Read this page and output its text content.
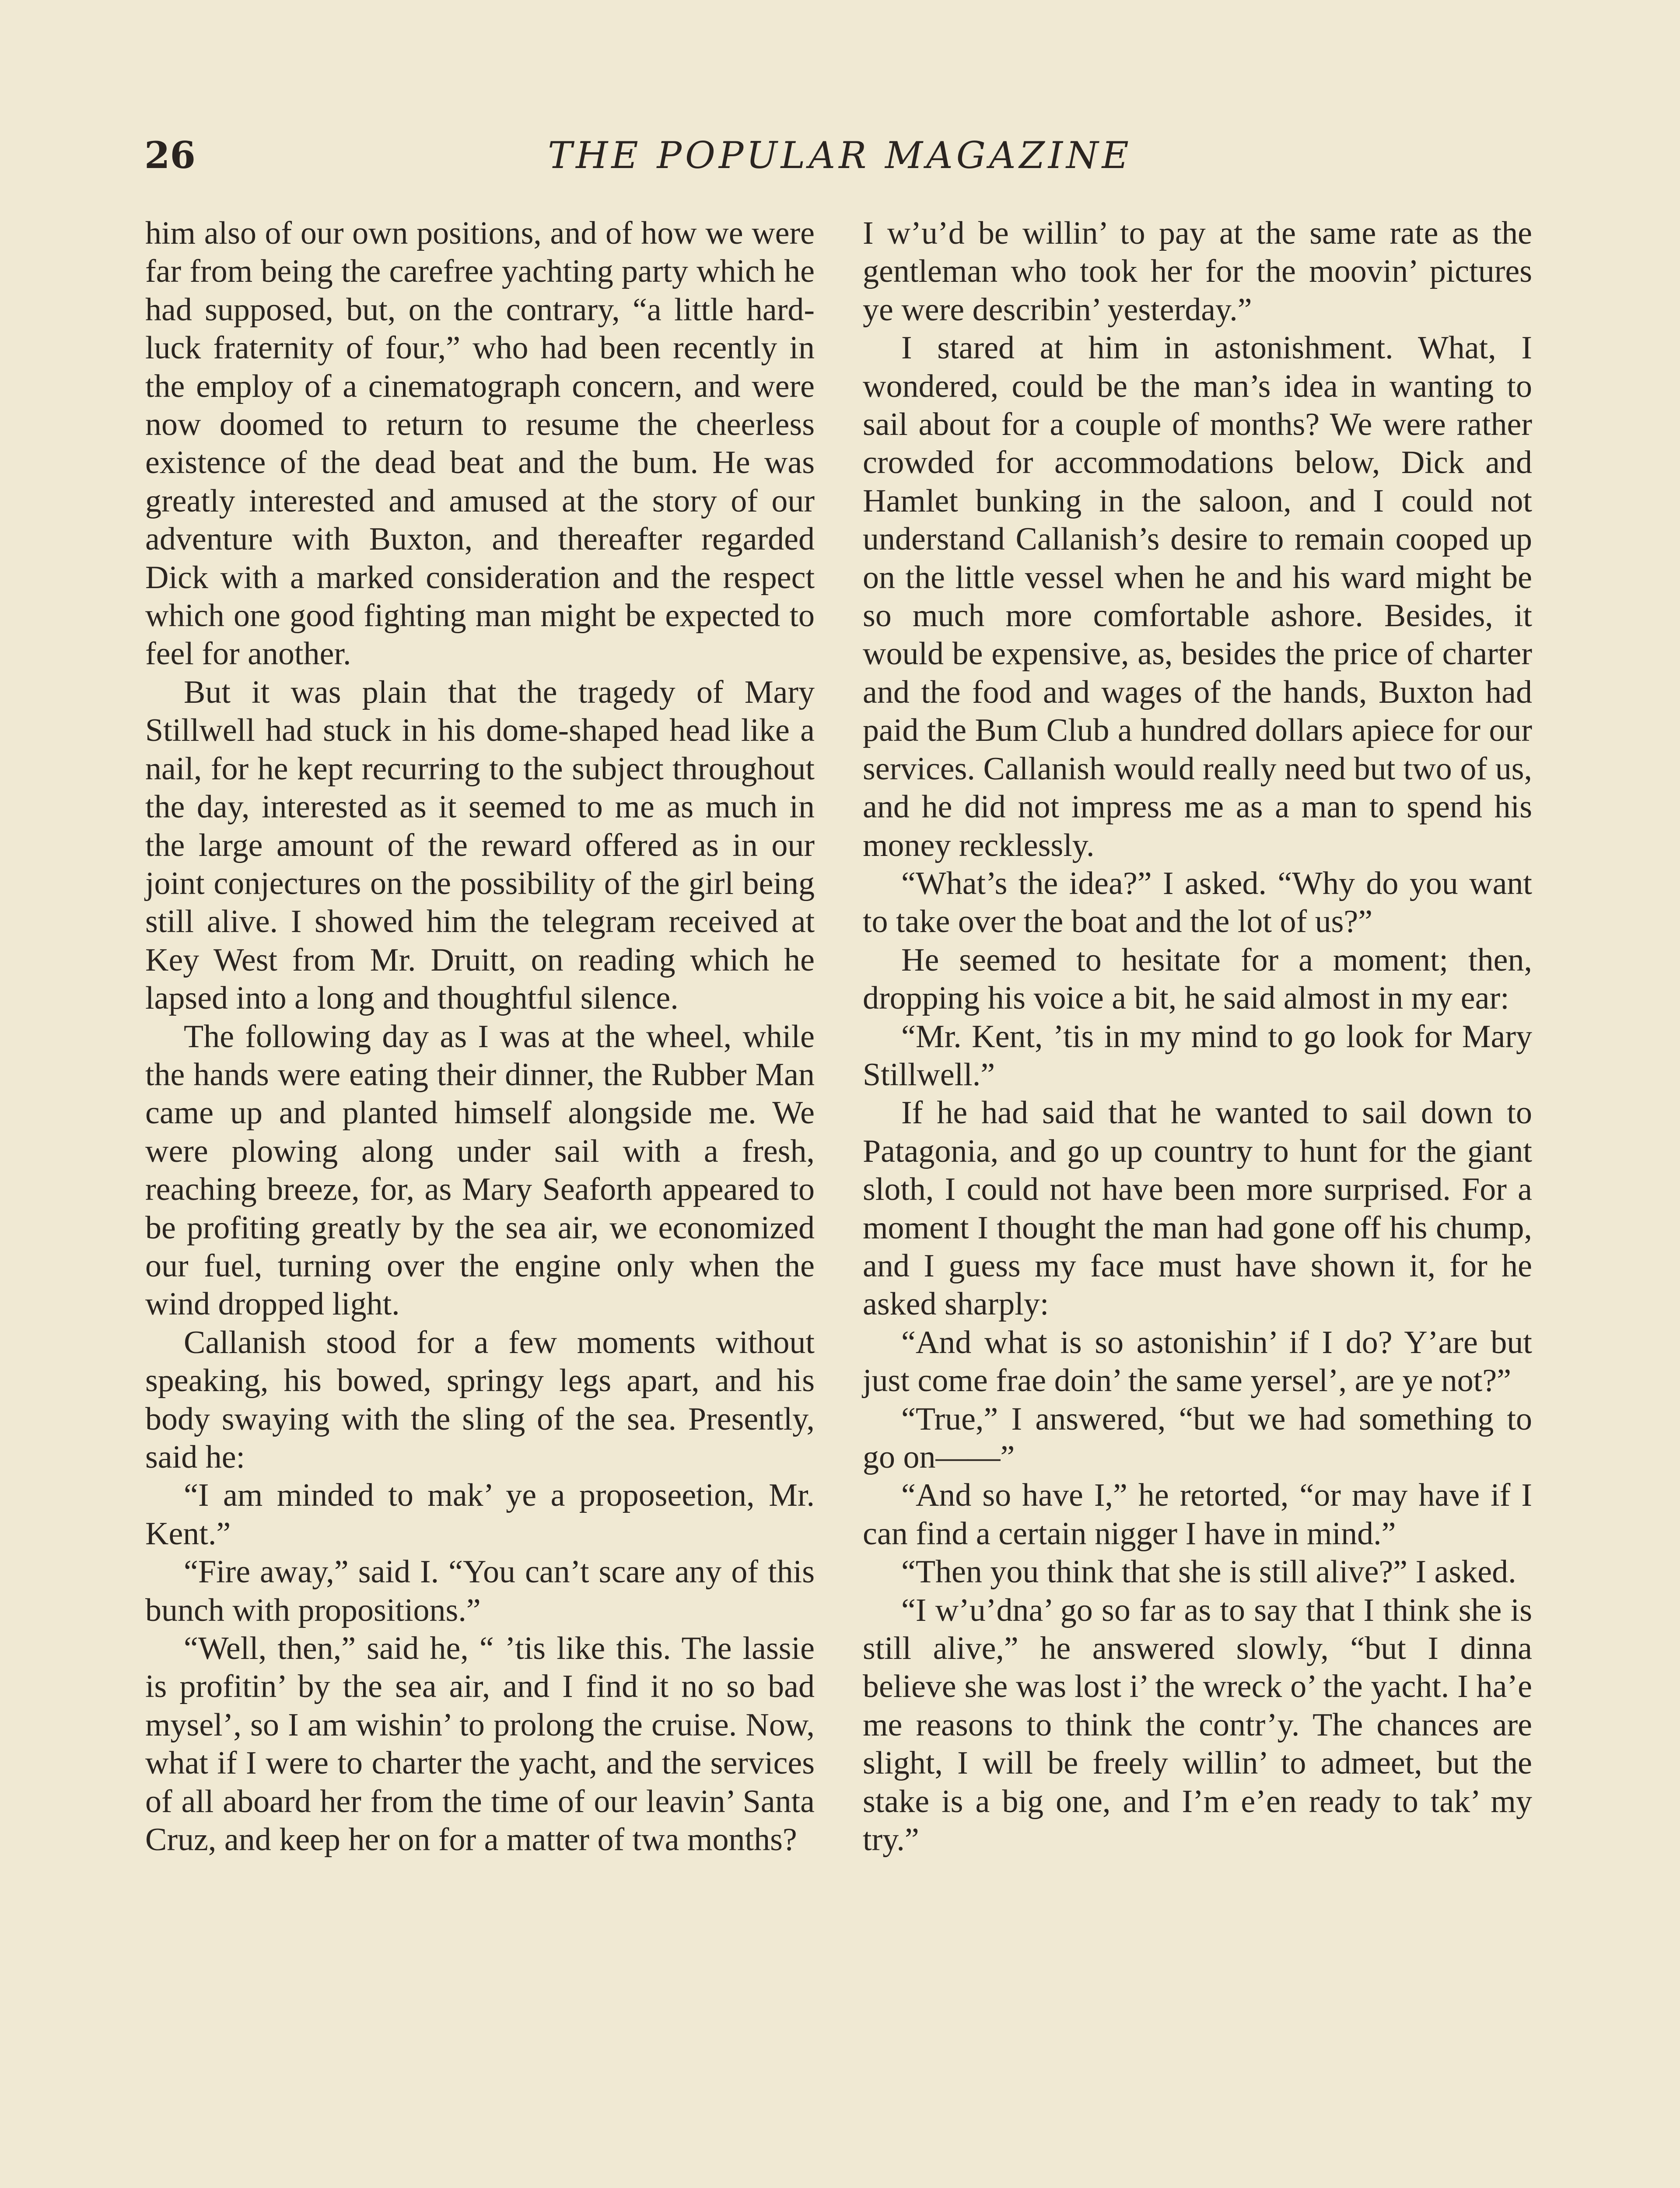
26	THE POPULAR MAGAZINE

him also of our own positions, and of how we were far from being the carefree yachting party which he had supposed, but, on the contrary, “a little hard-luck fraternity of four,” who had been recently in the employ of a cinematograph concern, and were now doomed to return to resume the cheerless existence of the dead beat and the bum. He was greatly interested and amused at the story of our adventure with Buxton, and thereafter regarded Dick with a marked consideration and the respect which one good fighting man might be expected to feel for another.

But it was plain that the tragedy of Mary Stillwell had stuck in his dome-shaped head like a nail, for he kept recurring to the subject throughout the day, interested as it seemed to me as much in the large amount of the reward offered as in our joint conjectures on the possibility of the girl being still alive. I showed him the telegram received at Key West from Mr. Druitt, on reading which he lapsed into a long and thoughtful silence.

The following day as I was at the wheel, while the hands were eating their dinner, the Rubber Man came up and planted himself alongside me. We were plowing along under sail with a fresh, reaching breeze, for, as Mary Seaforth appeared to be profiting greatly by the sea air, we economized our fuel, turning over the engine only when the wind dropped light.

Callanish stood for a few moments without speaking, his bowed, springy legs apart, and his body swaying with the sling of the sea. Presently, said he:

“I am minded to mak’ ye a proposeetion, Mr. Kent.”

“Fire away,” said I. “You can’t scare any of this bunch with propositions.”

“Well, then,” said he, “ ’tis like this. The lassie is profitin’ by the sea air, and I find it no so bad mysel’, so I am wishin’ to prolong the cruise. Now, what if I were to charter the yacht, and the services of all aboard her from the time of our leavin’ Santa Cruz, and keep her on for a matter of twa months?

I w’u’d be willin’ to pay at the same rate as the gentleman who took her for the moovin’ pictures ye were describin’ yesterday.”

I stared at him in astonishment. What, I wondered, could be the man’s idea in wanting to sail about for a couple of months? We were rather crowded for accommodations below, Dick and Hamlet bunking in the saloon, and I could not understand Callanish’s desire to remain cooped up on the little vessel when he and his ward might be so much more comfortable ashore. Besides, it would be expensive, as, besides the price of charter and the food and wages of the hands, Buxton had paid the Bum Club a hundred dollars apiece for our services. Callanish would really need but two of us, and he did not impress me as a man to spend his money recklessly.

“What’s the idea?” I asked. “Why do you want to take over the boat and the lot of us?”

He seemed to hesitate for a moment; then, dropping his voice a bit, he said almost in my ear:

“Mr. Kent, ’tis in my mind to go look for Mary Stillwell.”

If he had said that he wanted to sail down to Patagonia, and go up country to hunt for the giant sloth, I could not have been more surprised. For a moment I thought the man had gone off his chump, and I guess my face must have shown it, for he asked sharply:

“And what is so astonishin’ if I do? Y’are but just come frae doin’ the same yersel’, are ye not?”

“True,” I answered, “but we had something to go on——”

“And so have I,” he retorted, “or may have if I can find a certain nigger I have in mind.”

“Then you think that she is still alive?” I asked.

“I w’u’dna’ go so far as to say that I think she is still alive,” he answered slowly, “but I dinna believe she was lost i’ the wreck o’ the yacht. I ha’e me reasons to think the contr’y. The chances are slight, I will be freely willin’ to admeet, but the stake is a big one, and I’m e’en ready to tak’ my try.”
